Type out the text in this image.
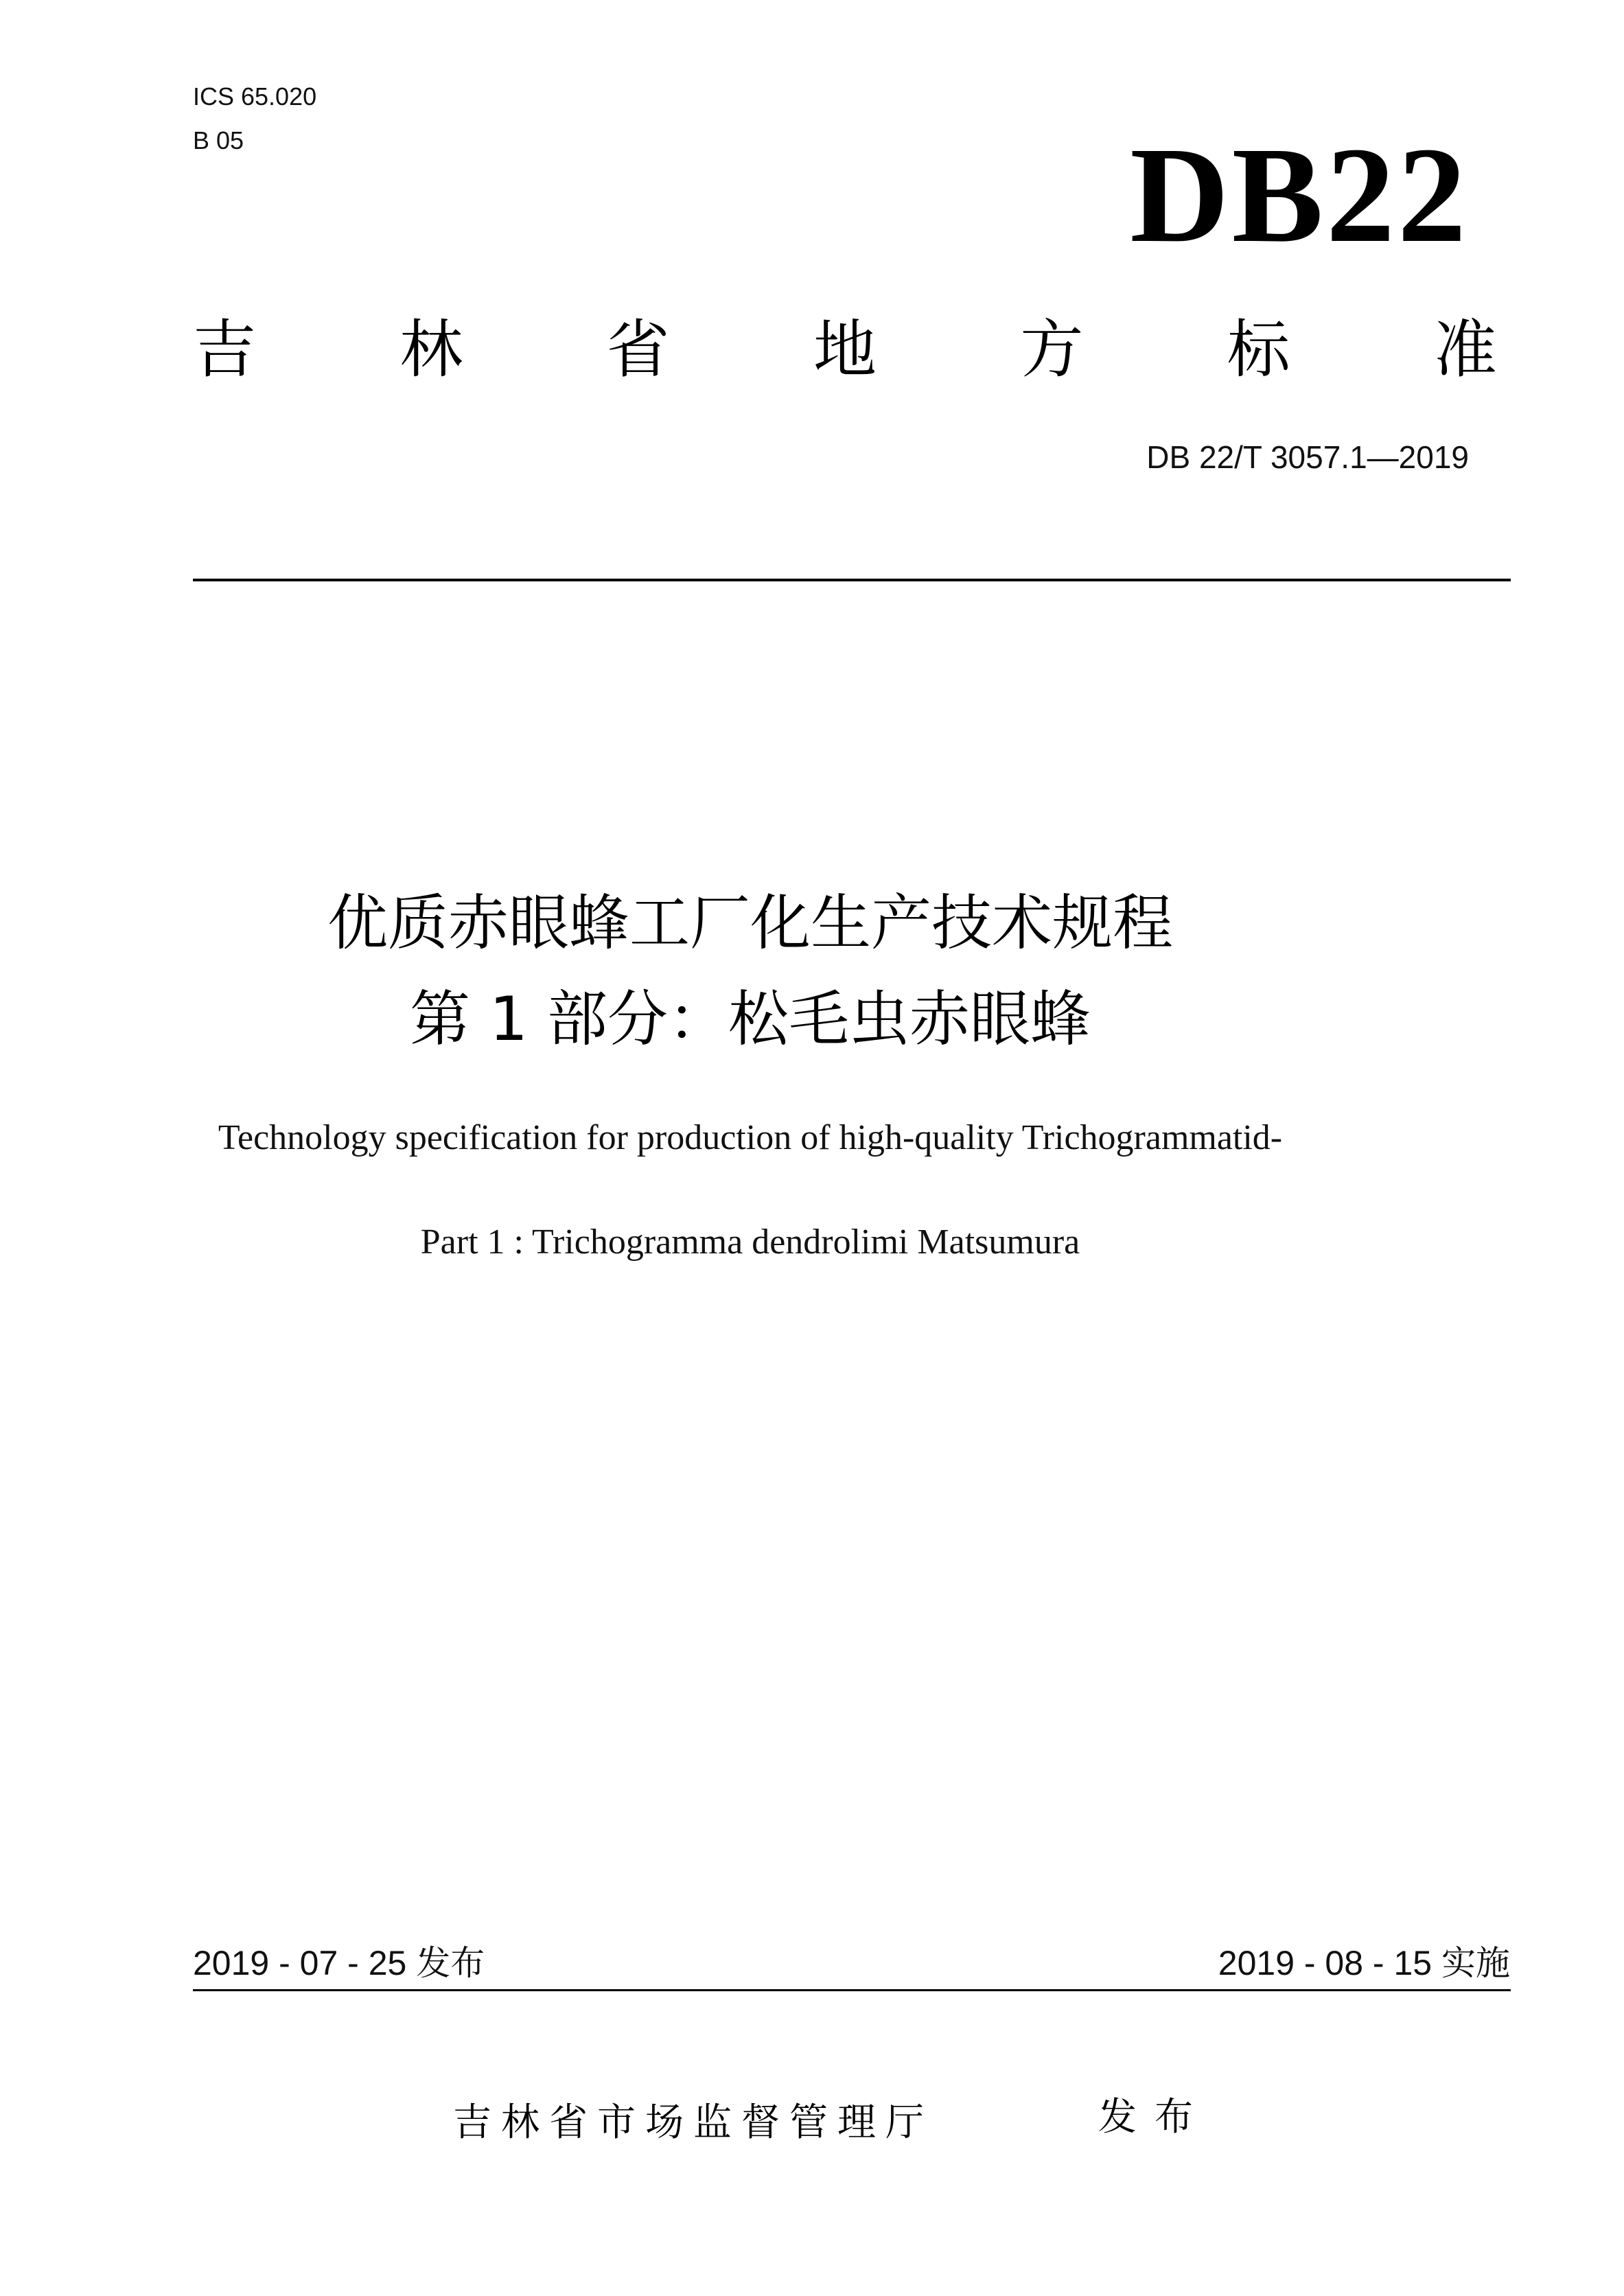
ICS 65.020
B 05	DB22
吉 林 省 地 方 标 准
DB 22/T 3057.1—2019
优质赤眼蜂工厂化生产技术规程
第 1 部分：松毛虫赤眼蜂
Technology specification for production of high-quality Trichogrammatid-
Part 1 : Trichogramma dendrolimi Matsumura
2019 - 07 - 25 发布	2019 - 08 - 15 实施
吉林省市场监督管理厅	发布
